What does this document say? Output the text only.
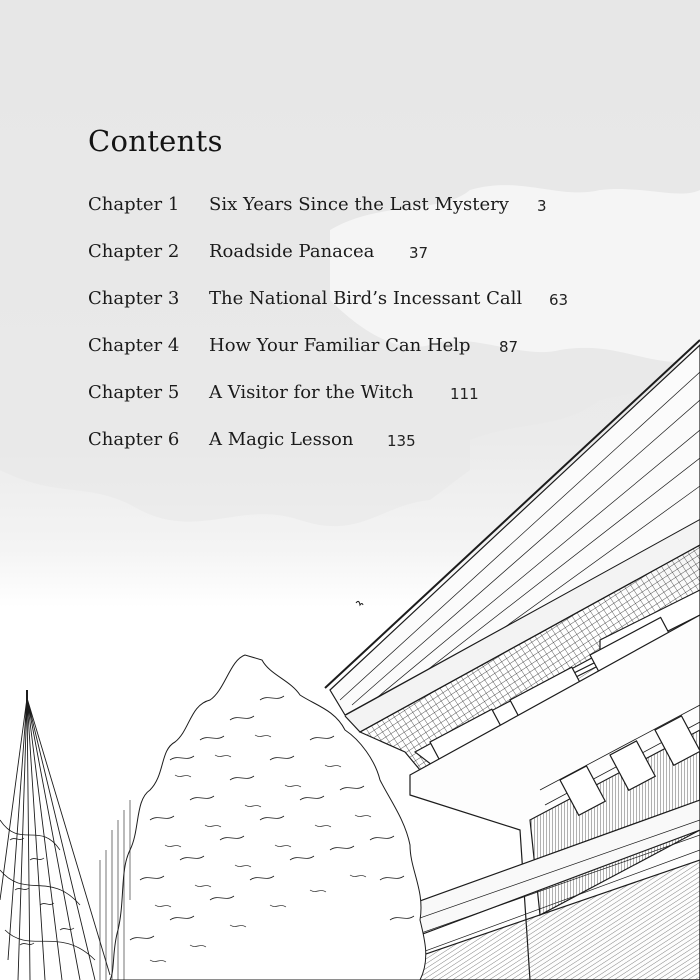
Contents
Chapter 1 Six Years Since the Last Mystery 3
Chapter 2 Roadside Panacea 37
Chapter 3 The National Bird’s Incessant Call 63
Chapter 4 How Your Familiar Can Help 87
Chapter 5 A Visitor for the Witch 111
Chapter 6 A Magic Lesson 135
